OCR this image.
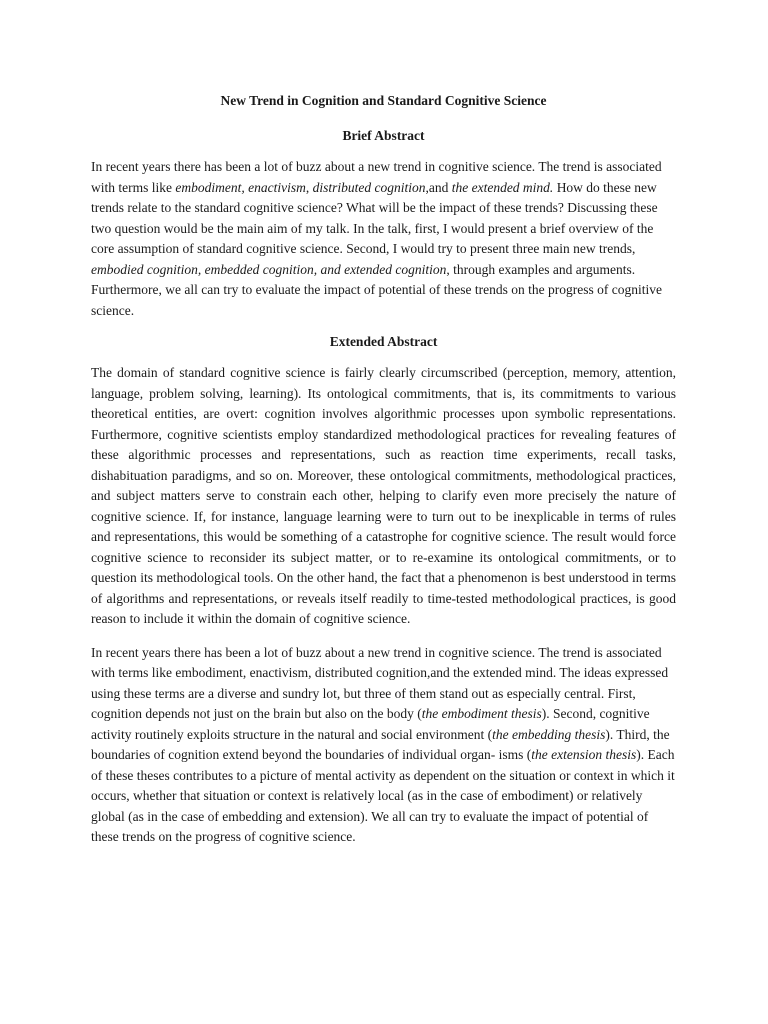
New Trend in Cognition and Standard Cognitive Science
Brief Abstract

In recent years there has been a lot of buzz about a new trend in cognitive science. The trend is associated with terms like embodiment, enactivism, distributed cognition,and the extended mind. How do these new trends relate to the standard cognitive science? What will be the impact of these trends? Discussing these two question would be the main aim of my talk. In the talk, first, I would present a brief overview of the core assumption of standard cognitive science. Second, I would try to present three main new trends, embodied cognition, embedded cognition, and extended cognition, through examples and arguments. Furthermore, we all can try to evaluate the impact of potential of these trends on the progress of cognitive science.

Extended Abstract

The domain of standard cognitive science is fairly clearly circumscribed (perception, memory, attention, language, problem solving, learning). Its ontological commitments, that is, its commitments to various theoretical entities, are overt: cognition involves algorithmic processes upon symbolic representations. Furthermore, cognitive scientists employ standardized methodological practices for revealing features of these algorithmic processes and representations, such as reaction time experiments, recall tasks, dishabituation paradigms, and so on. Moreover, these ontological commitments, methodological practices, and subject matters serve to constrain each other, helping to clarify even more precisely the nature of cognitive science. If, for instance, language learning were to turn out to be inexplicable in terms of rules and representations, this would be something of a catastrophe for cognitive science. The result would force cognitive science to reconsider its subject matter, or to re-examine its ontological commitments, or to question its methodological tools. On the other hand, the fact that a phenomenon is best understood in terms of algorithms and representations, or reveals itself readily to time-tested methodological practices, is good reason to include it within the domain of cognitive science.

In recent years there has been a lot of buzz about a new trend in cognitive science. The trend is associated with terms like embodiment, enactivism, distributed cognition,and the extended mind. The ideas expressed using these terms are a diverse and sundry lot, but three of them stand out as especially central. First, cognition depends not just on the brain but also on the body (the embodiment thesis). Second, cognitive activity routinely exploits structure in the natural and social environment (the embedding thesis). Third, the boundaries of cognition extend beyond the boundaries of individual organ- isms (the extension thesis). Each of these theses contributes to a picture of mental activity as dependent on the situation or context in which it occurs, whether that situation or context is relatively local (as in the case of embodiment) or relatively global (as in the case of embedding and extension). We all can try to evaluate the impact of potential of these trends on the progress of cognitive science.
